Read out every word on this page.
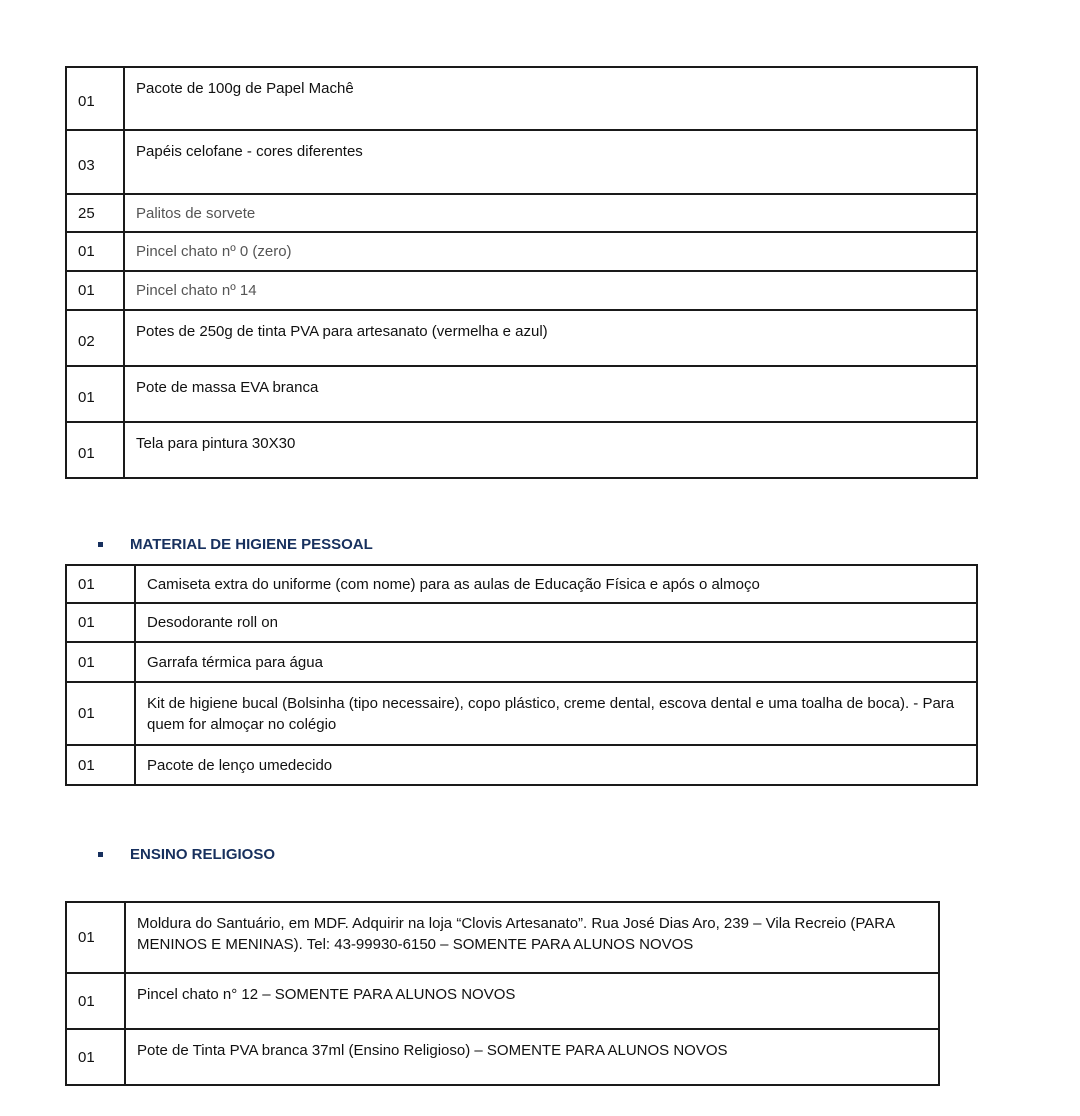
01	Pacote de 100g de Papel Machê
03	Papéis celofane - cores diferentes
25	Palitos de sorvete
01	Pincel chato nº 0 (zero)
01	Pincel chato nº 14
02	Potes de 250g de tinta PVA para artesanato (vermelha e azul)
01	Pote de massa EVA branca
01	Tela para pintura 30X30
MATERIAL DE HIGIENE PESSOAL
01	Camiseta extra do uniforme (com nome) para as aulas de Educação Física e após o almoço
01	Desodorante roll on
01	Garrafa térmica para água
01	Kit de higiene bucal (Bolsinha (tipo necessaire), copo plástico, creme dental, escova dental e uma toalha de boca). - Para quem for almoçar no colégio
01	Pacote de lenço umedecido
ENSINO RELIGIOSO
01	Moldura do Santuário, em MDF. Adquirir na loja “Clovis Artesanato”. Rua José Dias Aro, 239 – Vila Recreio (PARA MENINOS E MENINAS). Tel: 43-99930-6150 – SOMENTE PARA ALUNOS NOVOS
01	Pincel chato n° 12 – SOMENTE PARA ALUNOS NOVOS
01	Pote de Tinta PVA branca 37ml (Ensino Religioso) – SOMENTE PARA ALUNOS NOVOS
